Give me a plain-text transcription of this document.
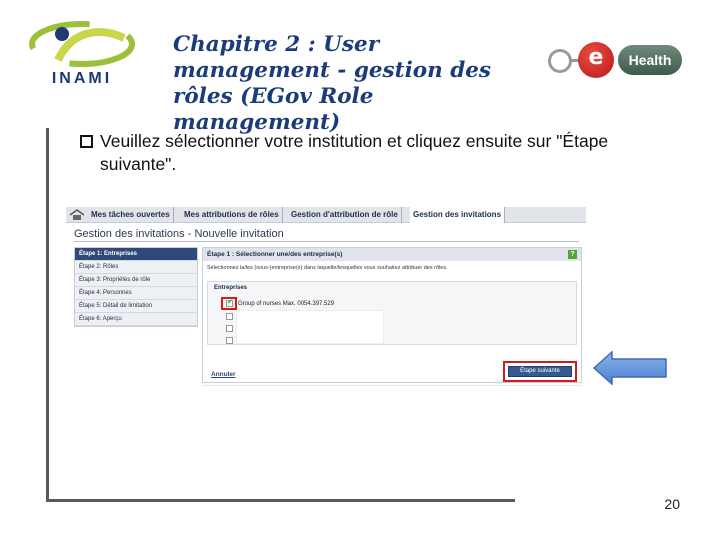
INAMI
Chapitre 2 : User management - gestion des rôles (EGov Role management)
e	Health
Veuillez sélectionner votre institution et cliquez ensuite sur "Étape suivante".
Mes tâches ouvertes	Mes attributions de rôles	Gestion d'attribution de rôle	Gestion des invitations
Gestion des invitations - Nouvelle invitation
Étape 1: Entreprises
Étape 2: Rôles
Étape 3: Propriétés de rôle
Étape 4: Personnes
Étape 5: Détail de limitation
Étape 6: Aperçu
Étape 1 : Sélectionner une/des entreprise(s)	?
Sélectionnez la/les (sous-)entreprise(s) dans laquelle/lesquelles vous souhaitez attribuer des rôles.
Entreprises
✔ Group of nurses Max. 0054.397.529
Annuler	Étape suivante
20
